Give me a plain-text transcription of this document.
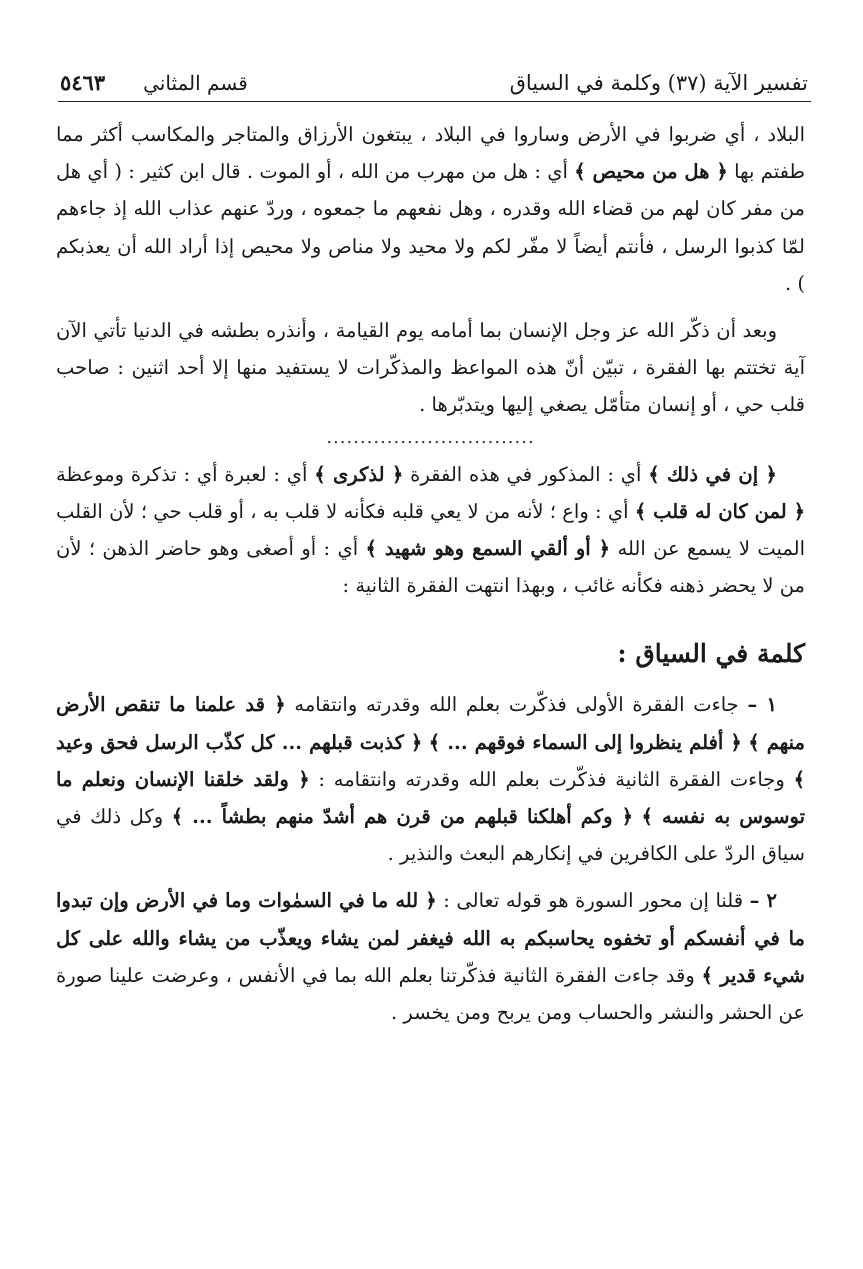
تفسير الآية (٣٧) وكلمة في السياق
قسم المثاني
٥٤٦٣

البلاد ، أي ضربوا في الأرض وساروا في البلاد ، يبتغون الأرزاق والمتاجر والمكاسب أكثر مما طفتم بها ﴿ هل من محيص ﴾ أي : هل من مهرب من الله ، أو الموت . قال ابن كثير : ( أي هل من مفر كان لهم من قضاء الله وقدره ، وهل نفعهم ما جمعوه ، وردّ عنهم عذاب الله إذ جاءهم لمّا كذبوا الرسل ، فأنتم أيضاً لا مفّر لكم ولا محيد ولا مناص ولا محيص إذا أراد الله أن يعذبكم ) .

وبعد أن ذكّر الله عز وجل الإنسان بما أمامه يوم القيامة ، وأنذره بطشه في الدنيا تأتي الآن آية تختتم بها الفقرة ، تبيّن أنّ هذه المواعظ والمذكّرات لا يستفيد منها إلا أحد اثنين : صاحب قلب حي ، أو إنسان متأمّل يصغي إليها ويتدبّرها .

...............................

﴿ إن في ذلك ﴾ أي : المذكور في هذه الفقرة ﴿ لذكرى ﴾ أي : لعبرة أي : تذكرة وموعظة ﴿ لمن كان له قلب ﴾ أي : واع ؛ لأنه من لا يعي قلبه فكأنه لا قلب به ، أو قلب حي ؛ لأن القلب الميت لا يسمع عن الله ﴿ أو ألقي السمع وهو شهيد ﴾ أي : أو أصغى وهو حاضر الذهن ؛ لأن من لا يحضر ذهنه فكأنه غائب ، وبهذا انتهت الفقرة الثانية :

كلمة في السياق :

١ – جاءت الفقرة الأولى فذكّرت بعلم الله وقدرته وانتقامه ﴿ قد علمنا ما تنقص الأرض منهم ﴾ ﴿ أفلم ينظروا إلى السماء فوقهم ... ﴾ ﴿ كذبت قبلهم ... كل كذّب الرسل فحق وعيد ﴾ وجاءت الفقرة الثانية فذكّرت بعلم الله وقدرته وانتقامه : ﴿ ولقد خلقنا الإنسان ونعلم ما توسوس به نفسه ﴾ ﴿ وكم أهلكنا قبلهم من قرن هم أشدّ منهم بطشاً ... ﴾ وكل ذلك في سياق الردّ على الكافرين في إنكارهم البعث والنذير .

٢ – قلنا إن محور السورة هو قوله تعالى : ﴿ لله ما في السمٰوات وما في الأرض وإن تبدوا ما في أنفسكم أو تخفوه يحاسبكم به الله فيغفر لمن يشاء ويعذّب من يشاء والله على كل شيء قدير ﴾ وقد جاءت الفقرة الثانية فذكّرتنا بعلم الله بما في الأنفس ، وعرضت علينا صورة عن الحشر والنشر والحساب ومن يربح ومن يخسر .
